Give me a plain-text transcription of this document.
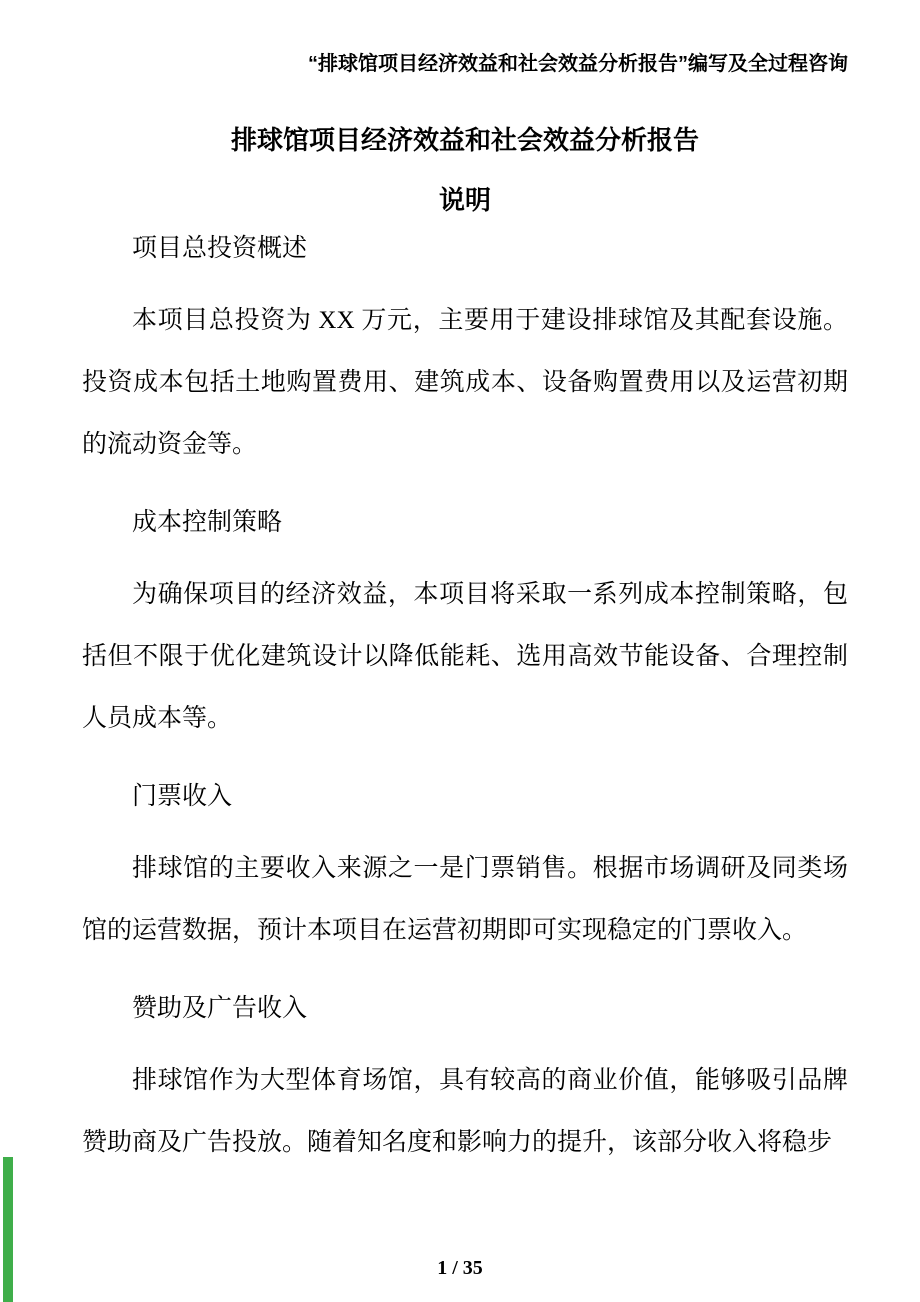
“排球馆项目经济效益和社会效益分析报告”编写及全过程咨询
排球馆项目经济效益和社会效益分析报告
说明
项目总投资概述

本项目总投资为 XX 万元，主要用于建设排球馆及其配套设施。投资成本包括土地购置费用、建筑成本、设备购置费用以及运营初期的流动资金等。

成本控制策略

为确保项目的经济效益，本项目将采取一系列成本控制策略，包括但不限于优化建筑设计以降低能耗、选用高效节能设备、合理控制人员成本等。

门票收入

排球馆的主要收入来源之一是门票销售。根据市场调研及同类场馆的运营数据，预计本项目在运营初期即可实现稳定的门票收入。

赞助及广告收入

排球馆作为大型体育场馆，具有较高的商业价值，能够吸引品牌赞助商及广告投放。随着知名度和影响力的提升，该部分收入将稳步

1 / 35
